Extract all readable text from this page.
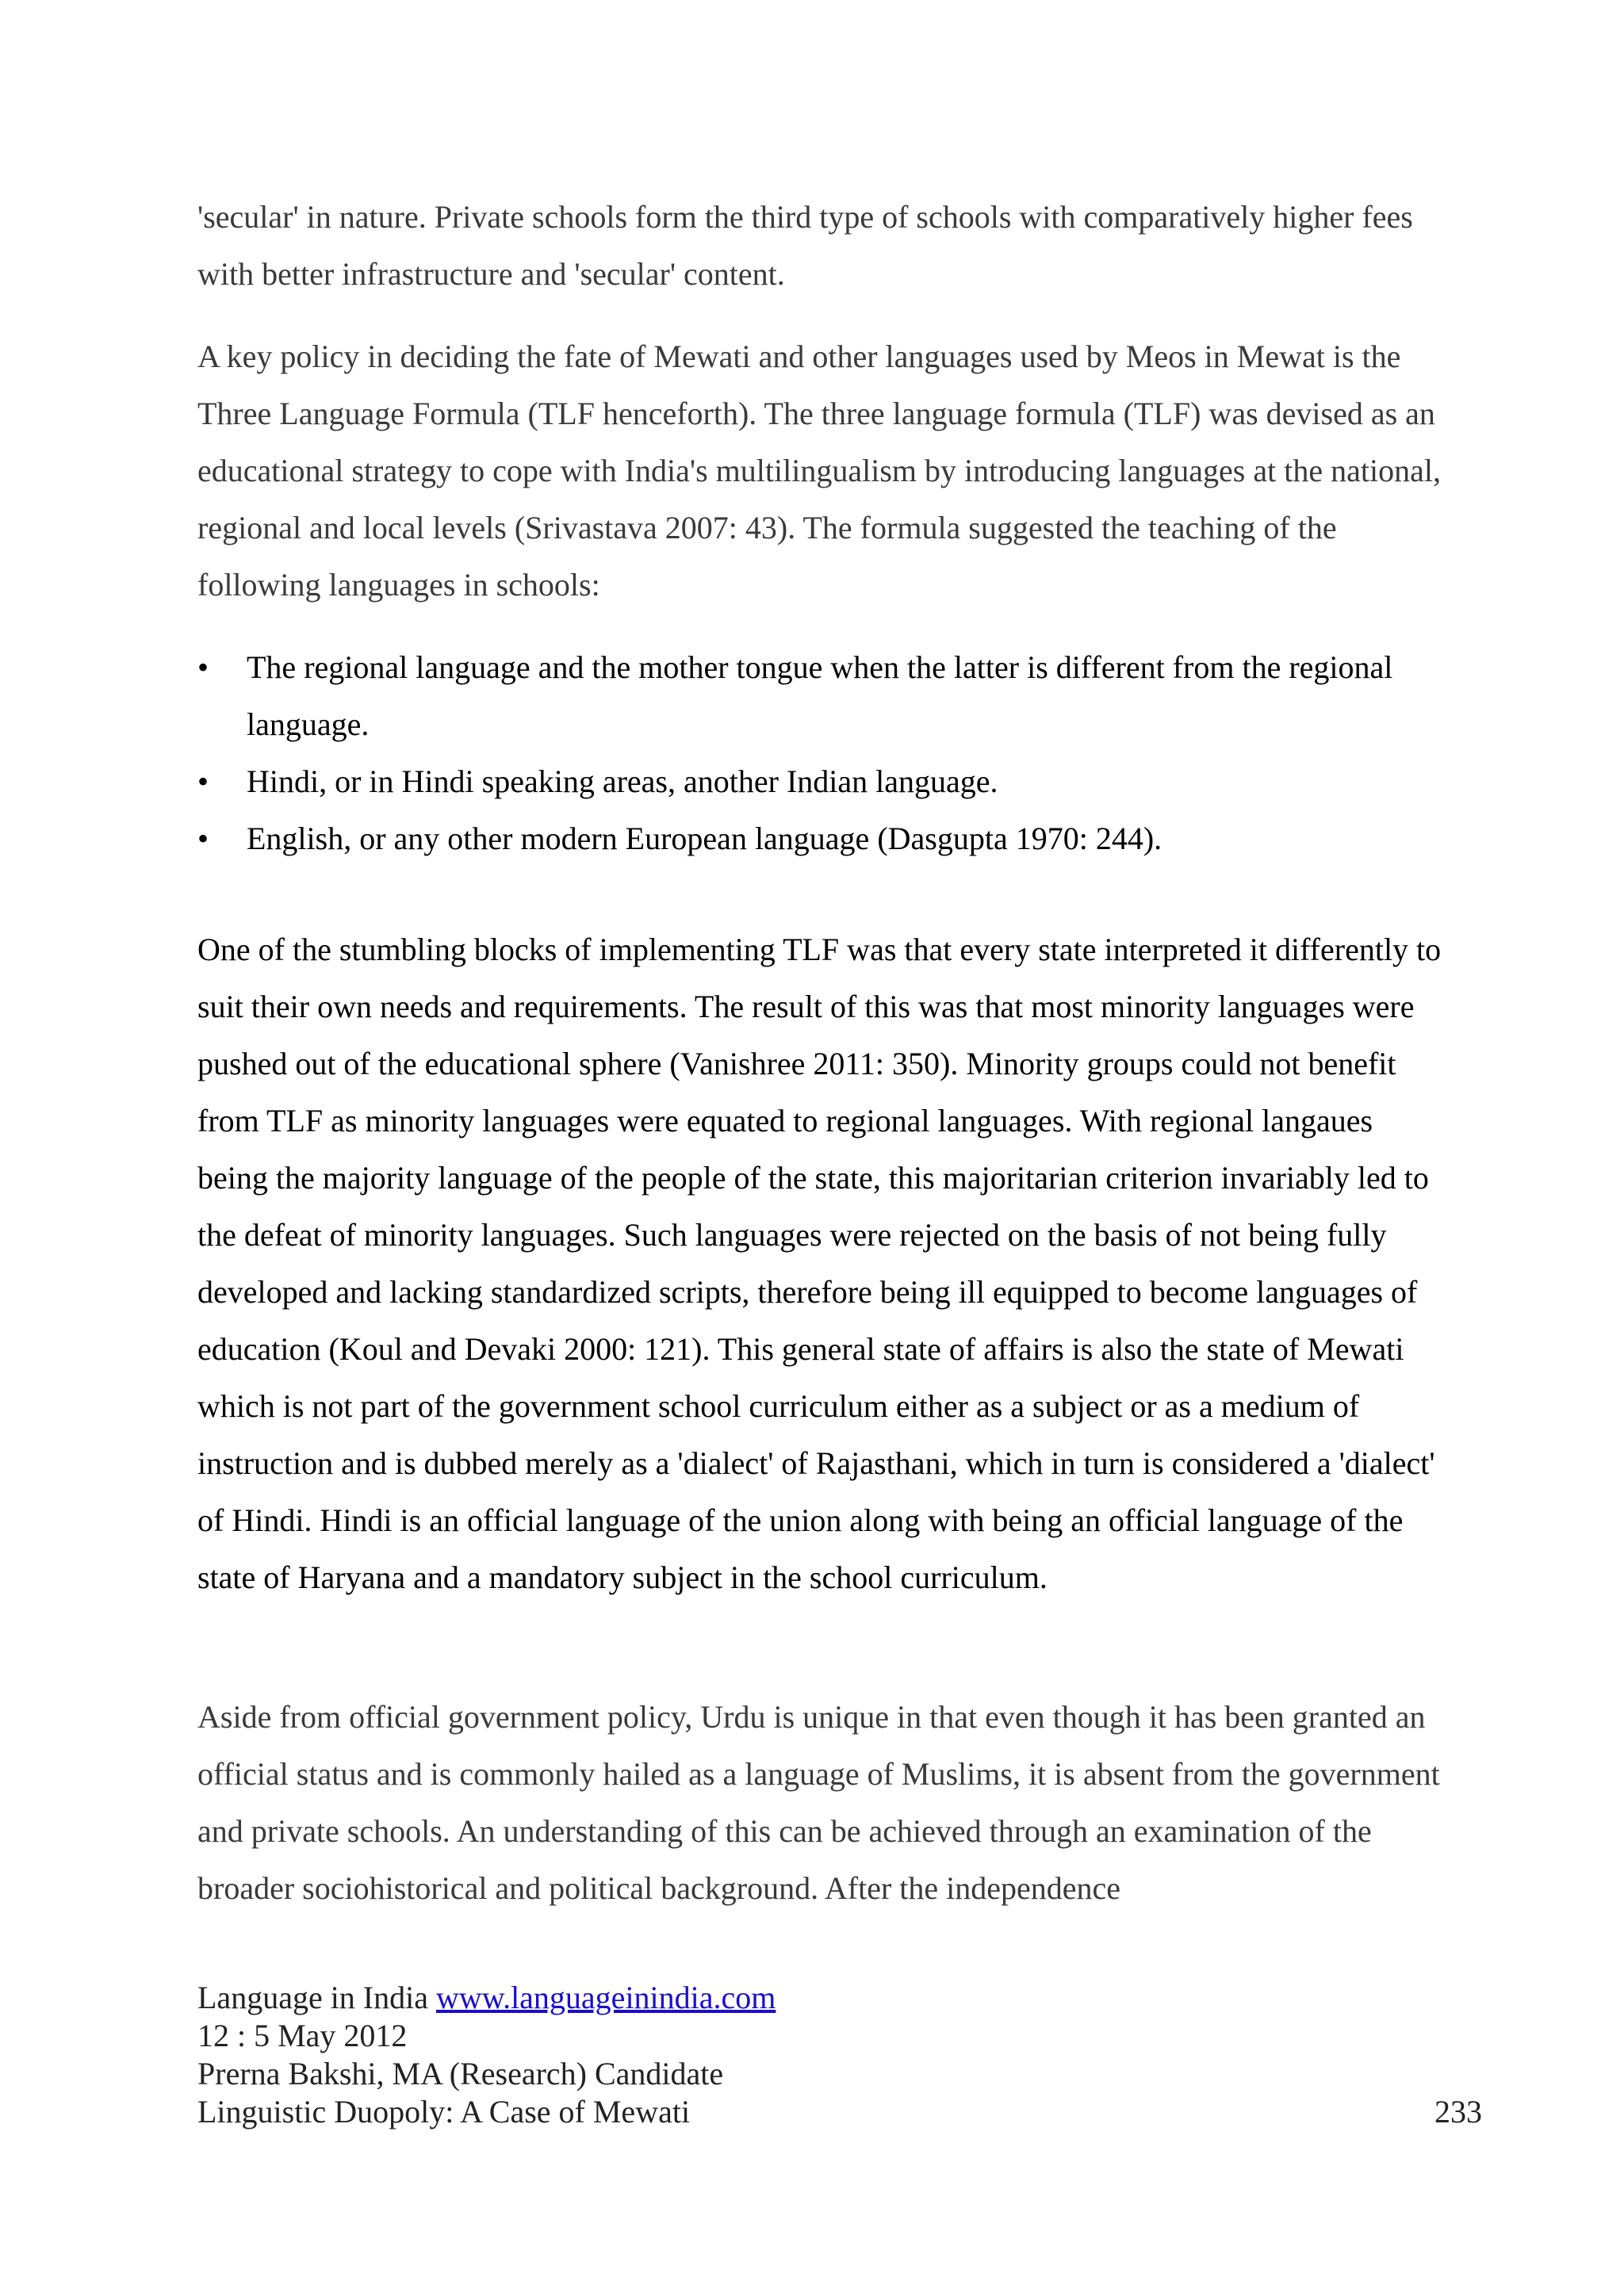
'secular' in nature. Private schools form the third type of schools with comparatively higher fees with better infrastructure and 'secular' content.

A key policy in deciding the fate of Mewati and other languages used by Meos in Mewat is the Three Language Formula (TLF henceforth). The three language formula (TLF) was devised as an educational strategy to cope with India's multilingualism by introducing languages at the national, regional and local levels (Srivastava 2007: 43). The formula suggested the teaching of the following languages in schools:

• The regional language and the mother tongue when the latter is different from the regional language.
• Hindi, or in Hindi speaking areas, another Indian language.
• English, or any other modern European language (Dasgupta 1970: 244).

One of the stumbling blocks of implementing TLF was that every state interpreted it differently to suit their own needs and requirements. The result of this was that most minority languages were pushed out of the educational sphere (Vanishree 2011: 350). Minority groups could not benefit from TLF as minority languages were equated to regional languages. With regional langaues being the majority language of the people of the state, this majoritarian criterion invariably led to the defeat of minority languages. Such languages were rejected on the basis of not being fully developed and lacking standardized scripts, therefore being ill equipped to become languages of education (Koul and Devaki 2000: 121). This general state of affairs is also the state of Mewati which is not part of the government school curriculum either as a subject or as a medium of instruction and is dubbed merely as a 'dialect' of Rajasthani, which in turn is considered a 'dialect' of Hindi. Hindi is an official language of the union along with being an official language of the state of Haryana and a mandatory subject in the school curriculum.

Aside from official government policy, Urdu is unique in that even though it has been granted an official status and is commonly hailed as a language of Muslims, it is absent from the government and private schools. An understanding of this can be achieved through an examination of the broader sociohistorical and political background. After the independence

Language in India www.languageinindia.com
12 : 5 May 2012
Prerna Bakshi, MA (Research) Candidate
Linguistic Duopoly: A Case of Mewati	233
